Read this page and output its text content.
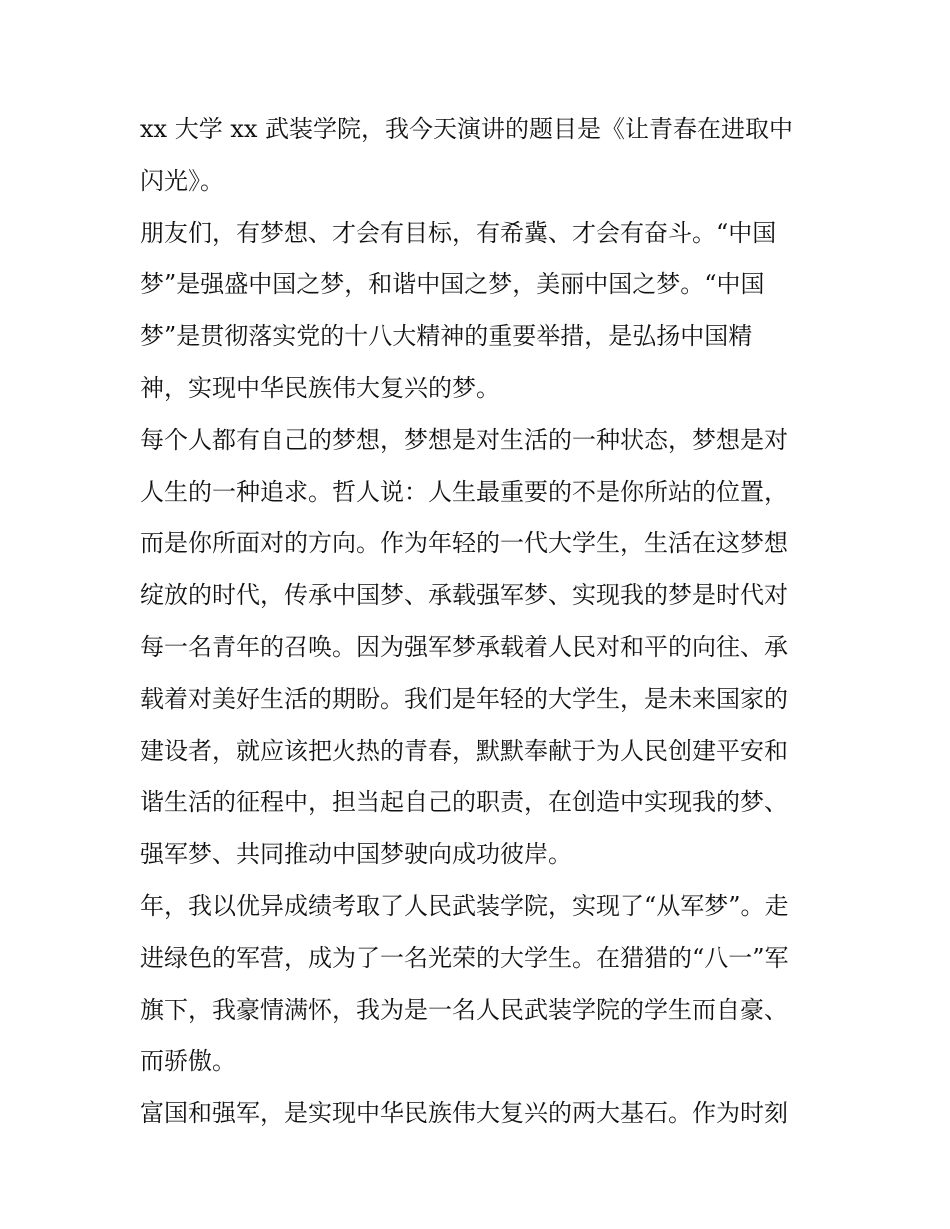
xx 大学 xx 武装学院，我今天演讲的题目是《让青春在进取中
闪光》。
朋友们，有梦想、才会有目标，有希冀、才会有奋斗。“中国
梦”是强盛中国之梦，和谐中国之梦，美丽中国之梦。“中国
梦”是贯彻落实党的十八大精神的重要举措，是弘扬中国精
神，实现中华民族伟大复兴的梦。
每个人都有自己的梦想，梦想是对生活的一种状态，梦想是对
人生的一种追求。哲人说：人生最重要的不是你所站的位置，
而是你所面对的方向。作为年轻的一代大学生，生活在这梦想
绽放的时代，传承中国梦、承载强军梦、实现我的梦是时代对
每一名青年的召唤。因为强军梦承载着人民对和平的向往、承
载着对美好生活的期盼。我们是年轻的大学生，是未来国家的
建设者，就应该把火热的青春，默默奉献于为人民创建平安和
谐生活的征程中，担当起自己的职责，在创造中实现我的梦、
强军梦、共同推动中国梦驶向成功彼岸。
年，我以优异成绩考取了人民武装学院，实现了“从军梦”。走
进绿色的军营，成为了一名光荣的大学生。在猎猎的“八一”军
旗下，我豪情满怀，我为是一名人民武装学院的学生而自豪、
而骄傲。
富国和强军，是实现中华民族伟大复兴的两大基石。作为时刻
